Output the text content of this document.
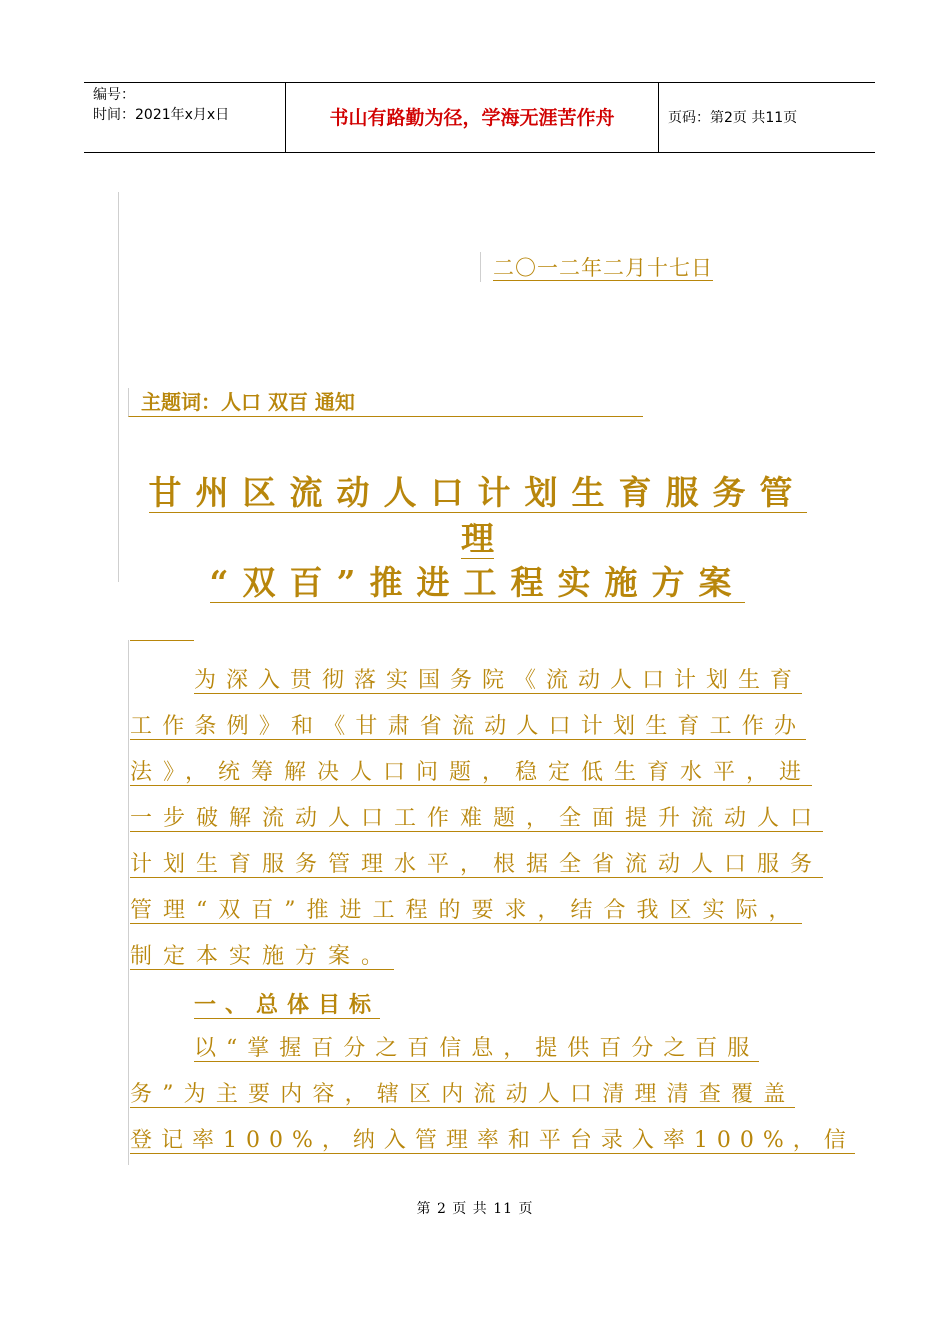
编号：
时间：2021年x月x日	书山有路勤为径，学海无涯苦作舟	页码：第2页 共11页
二〇一二年二月十七日
主题词：人口 双百 通知
甘州区流动人口计划生育服务管
理
“双百”推进工程实施方案
为深入贯彻落实国务院《流动人口计划生育
工作条例》和《甘肃省流动人口计划生育工作办
法》，统筹解决人口问题，稳定低生育水平，进
一步破解流动人口工作难题，全面提升流动人口
计划生育服务管理水平，根据全省流动人口服务
管理“双百”推进工程的要求，结合我区实际，
制定本实施方案。
一、总体目标
以“掌握百分之百信息，提供百分之百服
务”为主要内容，辖区内流动人口清理清查覆盖
登记率100%，纳入管理率和平台录入率100%，信
第 2 页 共 11 页
